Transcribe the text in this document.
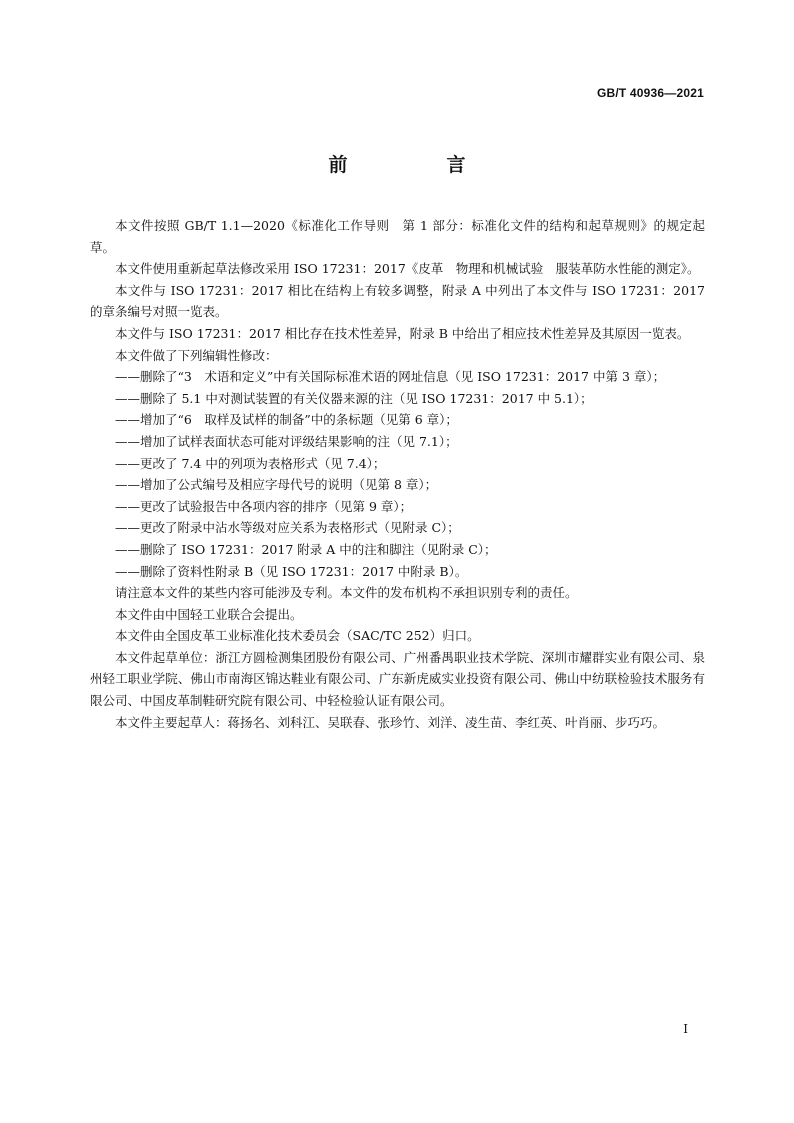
GB/T 40936—2021
前　言

本文件按照 GB/T 1.1—2020《标准化工作导则　第 1 部分：标准化文件的结构和起草规则》的规定起草。

本文件使用重新起草法修改采用 ISO 17231：2017《皮革　物理和机械试验　服装革防水性能的测定》。

本文件与 ISO 17231：2017 相比在结构上有较多调整，附录 A 中列出了本文件与 ISO 17231：2017 的章条编号对照一览表。

本文件与 ISO 17231：2017 相比存在技术性差异，附录 B 中给出了相应技术性差异及其原因一览表。

本文件做了下列编辑性修改：

——删除了“3　术语和定义”中有关国际标准术语的网址信息（见 ISO 17231：2017 中第 3 章）；

——删除了 5.1 中对测试装置的有关仪器来源的注（见 ISO 17231：2017 中 5.1）；

——增加了“6　取样及试样的制备”中的条标题（见第 6 章）；

——增加了试样表面状态可能对评级结果影响的注（见 7.1）；

——更改了 7.4 中的列项为表格形式（见 7.4）；

——增加了公式编号及相应字母代号的说明（见第 8 章）；

——更改了试验报告中各项内容的排序（见第 9 章）；

——更改了附录中沾水等级对应关系为表格形式（见附录 C）；

——删除了 ISO 17231：2017 附录 A 中的注和脚注（见附录 C）；

——删除了资料性附录 B（见 ISO 17231：2017 中附录 B）。

请注意本文件的某些内容可能涉及专利。本文件的发布机构不承担识别专利的责任。

本文件由中国轻工业联合会提出。

本文件由全国皮革工业标准化技术委员会（SAC/TC 252）归口。

本文件起草单位：浙江方圆检测集团股份有限公司、广州番禺职业技术学院、深圳市耀群实业有限公司、泉州轻工职业学院、佛山市南海区锦达鞋业有限公司、广东新虎威实业投资有限公司、佛山中纺联检验技术服务有限公司、中国皮革制鞋研究院有限公司、中轻检验认证有限公司。

本文件主要起草人：蒋扬名、刘科江、吴联春、张珍竹、刘洋、凌生苗、李红英、叶肖丽、步巧巧。

I
